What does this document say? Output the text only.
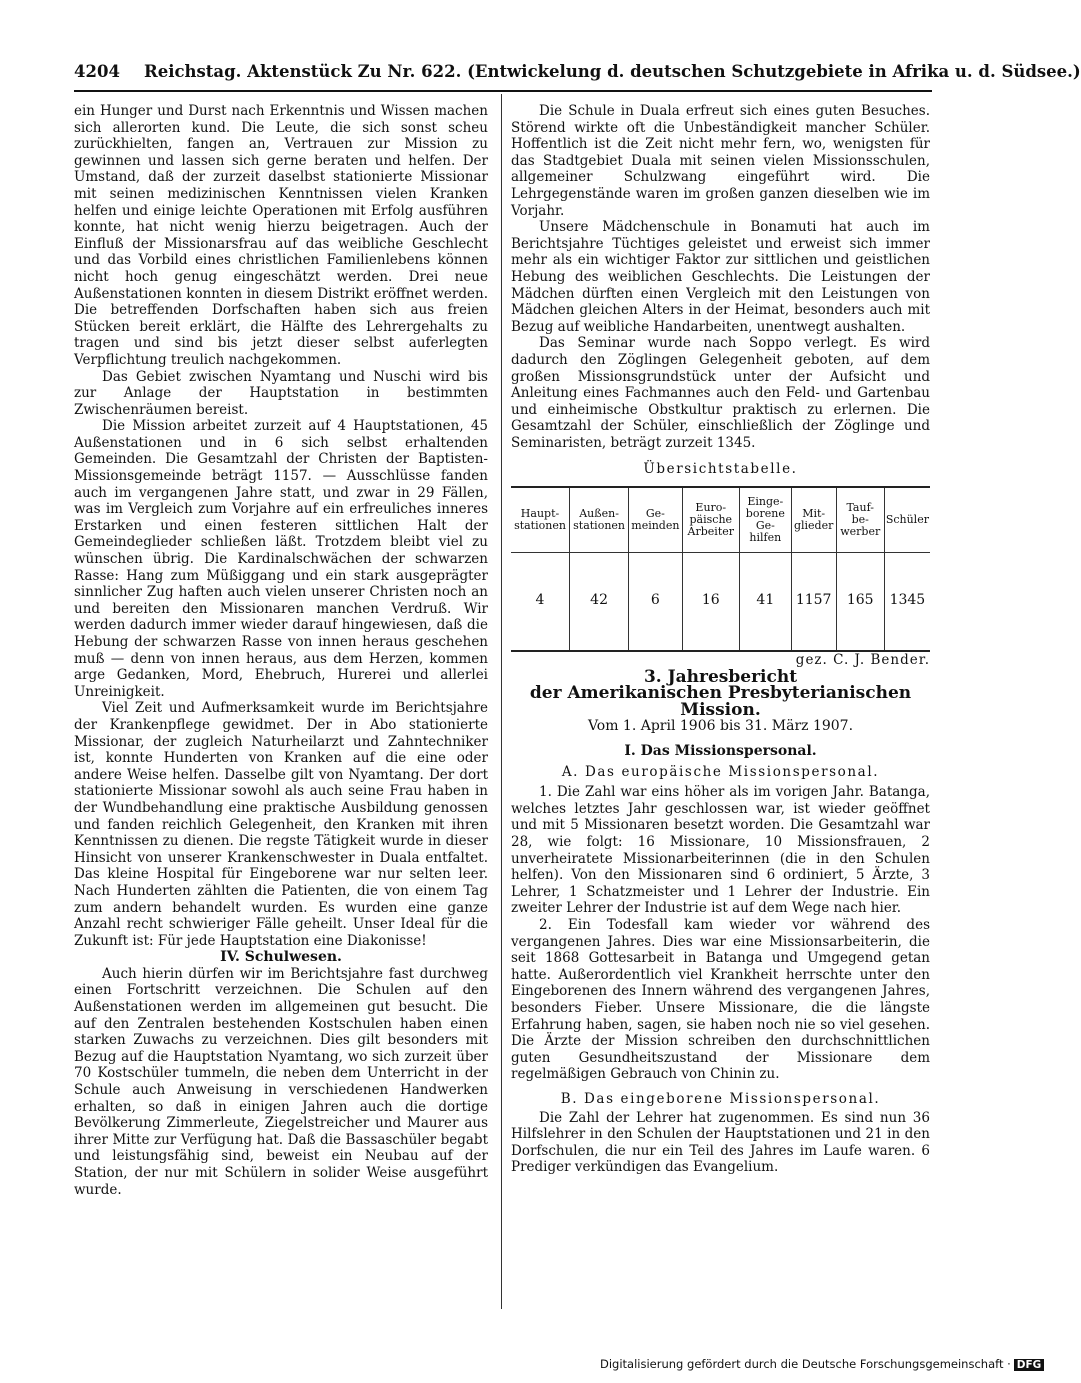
4204 Reichstag. Aktenstück Zu Nr. 622. (Entwickelung d. deutschen Schutzgebiete in Afrika u. d. Südsee.)

ein Hunger und Durst nach Erkenntnis und Wissen machen sich allerorten kund. Die Leute, die sich sonst scheu zurückhielten, fangen an, Vertrauen zur Mission zu gewinnen und lassen sich gerne beraten und helfen. Der Umstand, daß der zurzeit daselbst stationierte Missionar mit seinen medizinischen Kenntnissen vielen Kranken helfen und einige leichte Operationen mit Erfolg ausführen konnte, hat nicht wenig hierzu beigetragen. Auch der Einfluß der Missionarsfrau auf das weibliche Geschlecht und das Vorbild eines christlichen Familienlebens können nicht hoch genug eingeschätzt werden. Drei neue Außenstationen konnten in diesem Distrikt eröffnet werden. Die betreffenden Dorfschaften haben sich aus freien Stücken bereit erklärt, die Hälfte des Lehrergehalts zu tragen und sind bis jetzt dieser selbst auferlegten Verpflichtung treulich nachgekommen.

Das Gebiet zwischen Nyamtang und Nuschi wird bis zur Anlage der Hauptstation in bestimmten Zwischenräumen bereist.

Die Mission arbeitet zurzeit auf 4 Hauptstationen, 45 Außenstationen und in 6 sich selbst erhaltenden Gemeinden. Die Gesamtzahl der Christen der Baptisten-Missionsgemeinde beträgt 1157. — Ausschlüsse fanden auch im vergangenen Jahre statt, und zwar in 29 Fällen, was im Vergleich zum Vorjahre auf ein erfreuliches inneres Erstarken und einen festeren sittlichen Halt der Gemeindeglieder schließen läßt. Trotzdem bleibt viel zu wünschen übrig. Die Kardinalschwächen der schwarzen Rasse: Hang zum Müßiggang und ein stark ausgeprägter sinnlicher Zug haften auch vielen unserer Christen noch an und bereiten den Missionaren manchen Verdruß. Wir werden dadurch immer wieder darauf hingewiesen, daß die Hebung der schwarzen Rasse von innen heraus geschehen muß — denn von innen heraus, aus dem Herzen, kommen arge Gedanken, Mord, Ehebruch, Hurerei und allerlei Unreinigkeit.

Viel Zeit und Aufmerksamkeit wurde im Berichtsjahre der Krankenpflege gewidmet. Der in Abo stationierte Missionar, der zugleich Naturheilarzt und Zahntechniker ist, konnte Hunderten von Kranken auf die eine oder andere Weise helfen. Dasselbe gilt von Nyamtang. Der dort stationierte Missionar sowohl als auch seine Frau haben in der Wundbehandlung eine praktische Ausbildung genossen und fanden reichlich Gelegenheit, den Kranken mit ihren Kenntnissen zu dienen. Die regste Tätigkeit wurde in dieser Hinsicht von unserer Krankenschwester in Duala entfaltet. Das kleine Hospital für Eingeborene war nur selten leer. Nach Hunderten zählten die Patienten, die von einem Tag zum andern behandelt wurden. Es wurden eine ganze Anzahl recht schwieriger Fälle geheilt. Unser Ideal für die Zukunft ist: Für jede Hauptstation eine Diakonisse!

IV. Schulwesen.

Auch hierin dürfen wir im Berichtsjahre fast durchweg einen Fortschritt verzeichnen. Die Schulen auf den Außenstationen werden im allgemeinen gut besucht. Die auf den Zentralen bestehenden Kostschulen haben einen starken Zuwachs zu verzeichnen. Dies gilt besonders mit Bezug auf die Hauptstation Nyamtang, wo sich zurzeit über 70 Kostschüler tummeln, die neben dem Unterricht in der Schule auch Anweisung in verschiedenen Handwerken erhalten, so daß in einigen Jahren auch die dortige Bevölkerung Zimmerleute, Ziegelstreicher und Maurer aus ihrer Mitte zur Verfügung hat. Daß die Bassaschüler begabt und leistungsfähig sind, beweist ein Neubau auf der Station, der nur mit Schülern in solider Weise ausgeführt wurde.

Die Schule in Duala erfreut sich eines guten Besuches. Störend wirkte oft die Unbeständigkeit mancher Schüler. Hoffentlich ist die Zeit nicht mehr fern, wo, wenigsten für das Stadtgebiet Duala mit seinen vielen Missionsschulen, allgemeiner Schulzwang eingeführt wird. Die Lehrgegenstände waren im großen ganzen dieselben wie im Vorjahr.

Unsere Mädchenschule in Bonamuti hat auch im Berichtsjahre Tüchtiges geleistet und erweist sich immer mehr als ein wichtiger Faktor zur sittlichen und geistlichen Hebung des weiblichen Geschlechts. Die Leistungen der Mädchen dürften einen Vergleich mit den Leistungen von Mädchen gleichen Alters in der Heimat, besonders auch mit Bezug auf weibliche Handarbeiten, unentwegt aushalten.

Das Seminar wurde nach Soppo verlegt. Es wird dadurch den Zöglingen Gelegenheit geboten, auf dem großen Missionsgrundstück unter der Aufsicht und Anleitung eines Fachmannes auch den Feld- und Gartenbau und einheimische Obstkultur praktisch zu erlernen. Die Gesamtzahl der Schüler, einschließlich der Zöglinge und Seminaristen, beträgt zurzeit 1345.

Übersichtstabelle.

Haupt- stationen	Außen- stationen	Ge- meinden	Euro- päische Arbeiter	Einge- borene Ge- hilfen	Mit- glieder	Tauf- be- werber	Schüler
4	42	6	16	41	1157	165	1345

gez. C. J. Bender.

3. Jahresbericht

der Amerikanischen Presbyterianischen Mission.

Vom 1. April 1906 bis 31. März 1907.

I. Das Missionspersonal.

A. Das europäische Missionspersonal.

1. Die Zahl war eins höher als im vorigen Jahr. Batanga, welches letztes Jahr geschlossen war, ist wieder geöffnet und mit 5 Missionaren besetzt worden. Die Gesamtzahl war 28, wie folgt: 16 Missionare, 10 Missionsfrauen, 2 unverheiratete Missionarbeiterinnen (die in den Schulen helfen). Von den Missionaren sind 6 ordiniert, 5 Ärzte, 3 Lehrer, 1 Schatzmeister und 1 Lehrer der Industrie. Ein zweiter Lehrer der Industrie ist auf dem Wege nach hier.

2. Ein Todesfall kam wieder vor während des vergangenen Jahres. Dies war eine Missionsarbeiterin, die seit 1868 Gottesarbeit in Batanga und Umgegend getan hatte. Außerordentlich viel Krankheit herrschte unter den Eingeborenen des Innern während des vergangenen Jahres, besonders Fieber. Unsere Missionare, die die längste Erfahrung haben, sagen, sie haben noch nie so viel gesehen. Die Ärzte der Mission schreiben den durchschnittlichen guten Gesundheitszustand der Missionare dem regelmäßigen Gebrauch von Chinin zu.

B. Das eingeborene Missionspersonal.

Die Zahl der Lehrer hat zugenommen. Es sind nun 36 Hilfslehrer in den Schulen der Hauptstationen und 21 in den Dorfschulen, die nur ein Teil des Jahres im Laufe waren. 6 Prediger verkündigen das Evangelium.

Digitalisierung gefördert durch die Deutsche Forschungsgemeinschaft · DFG
